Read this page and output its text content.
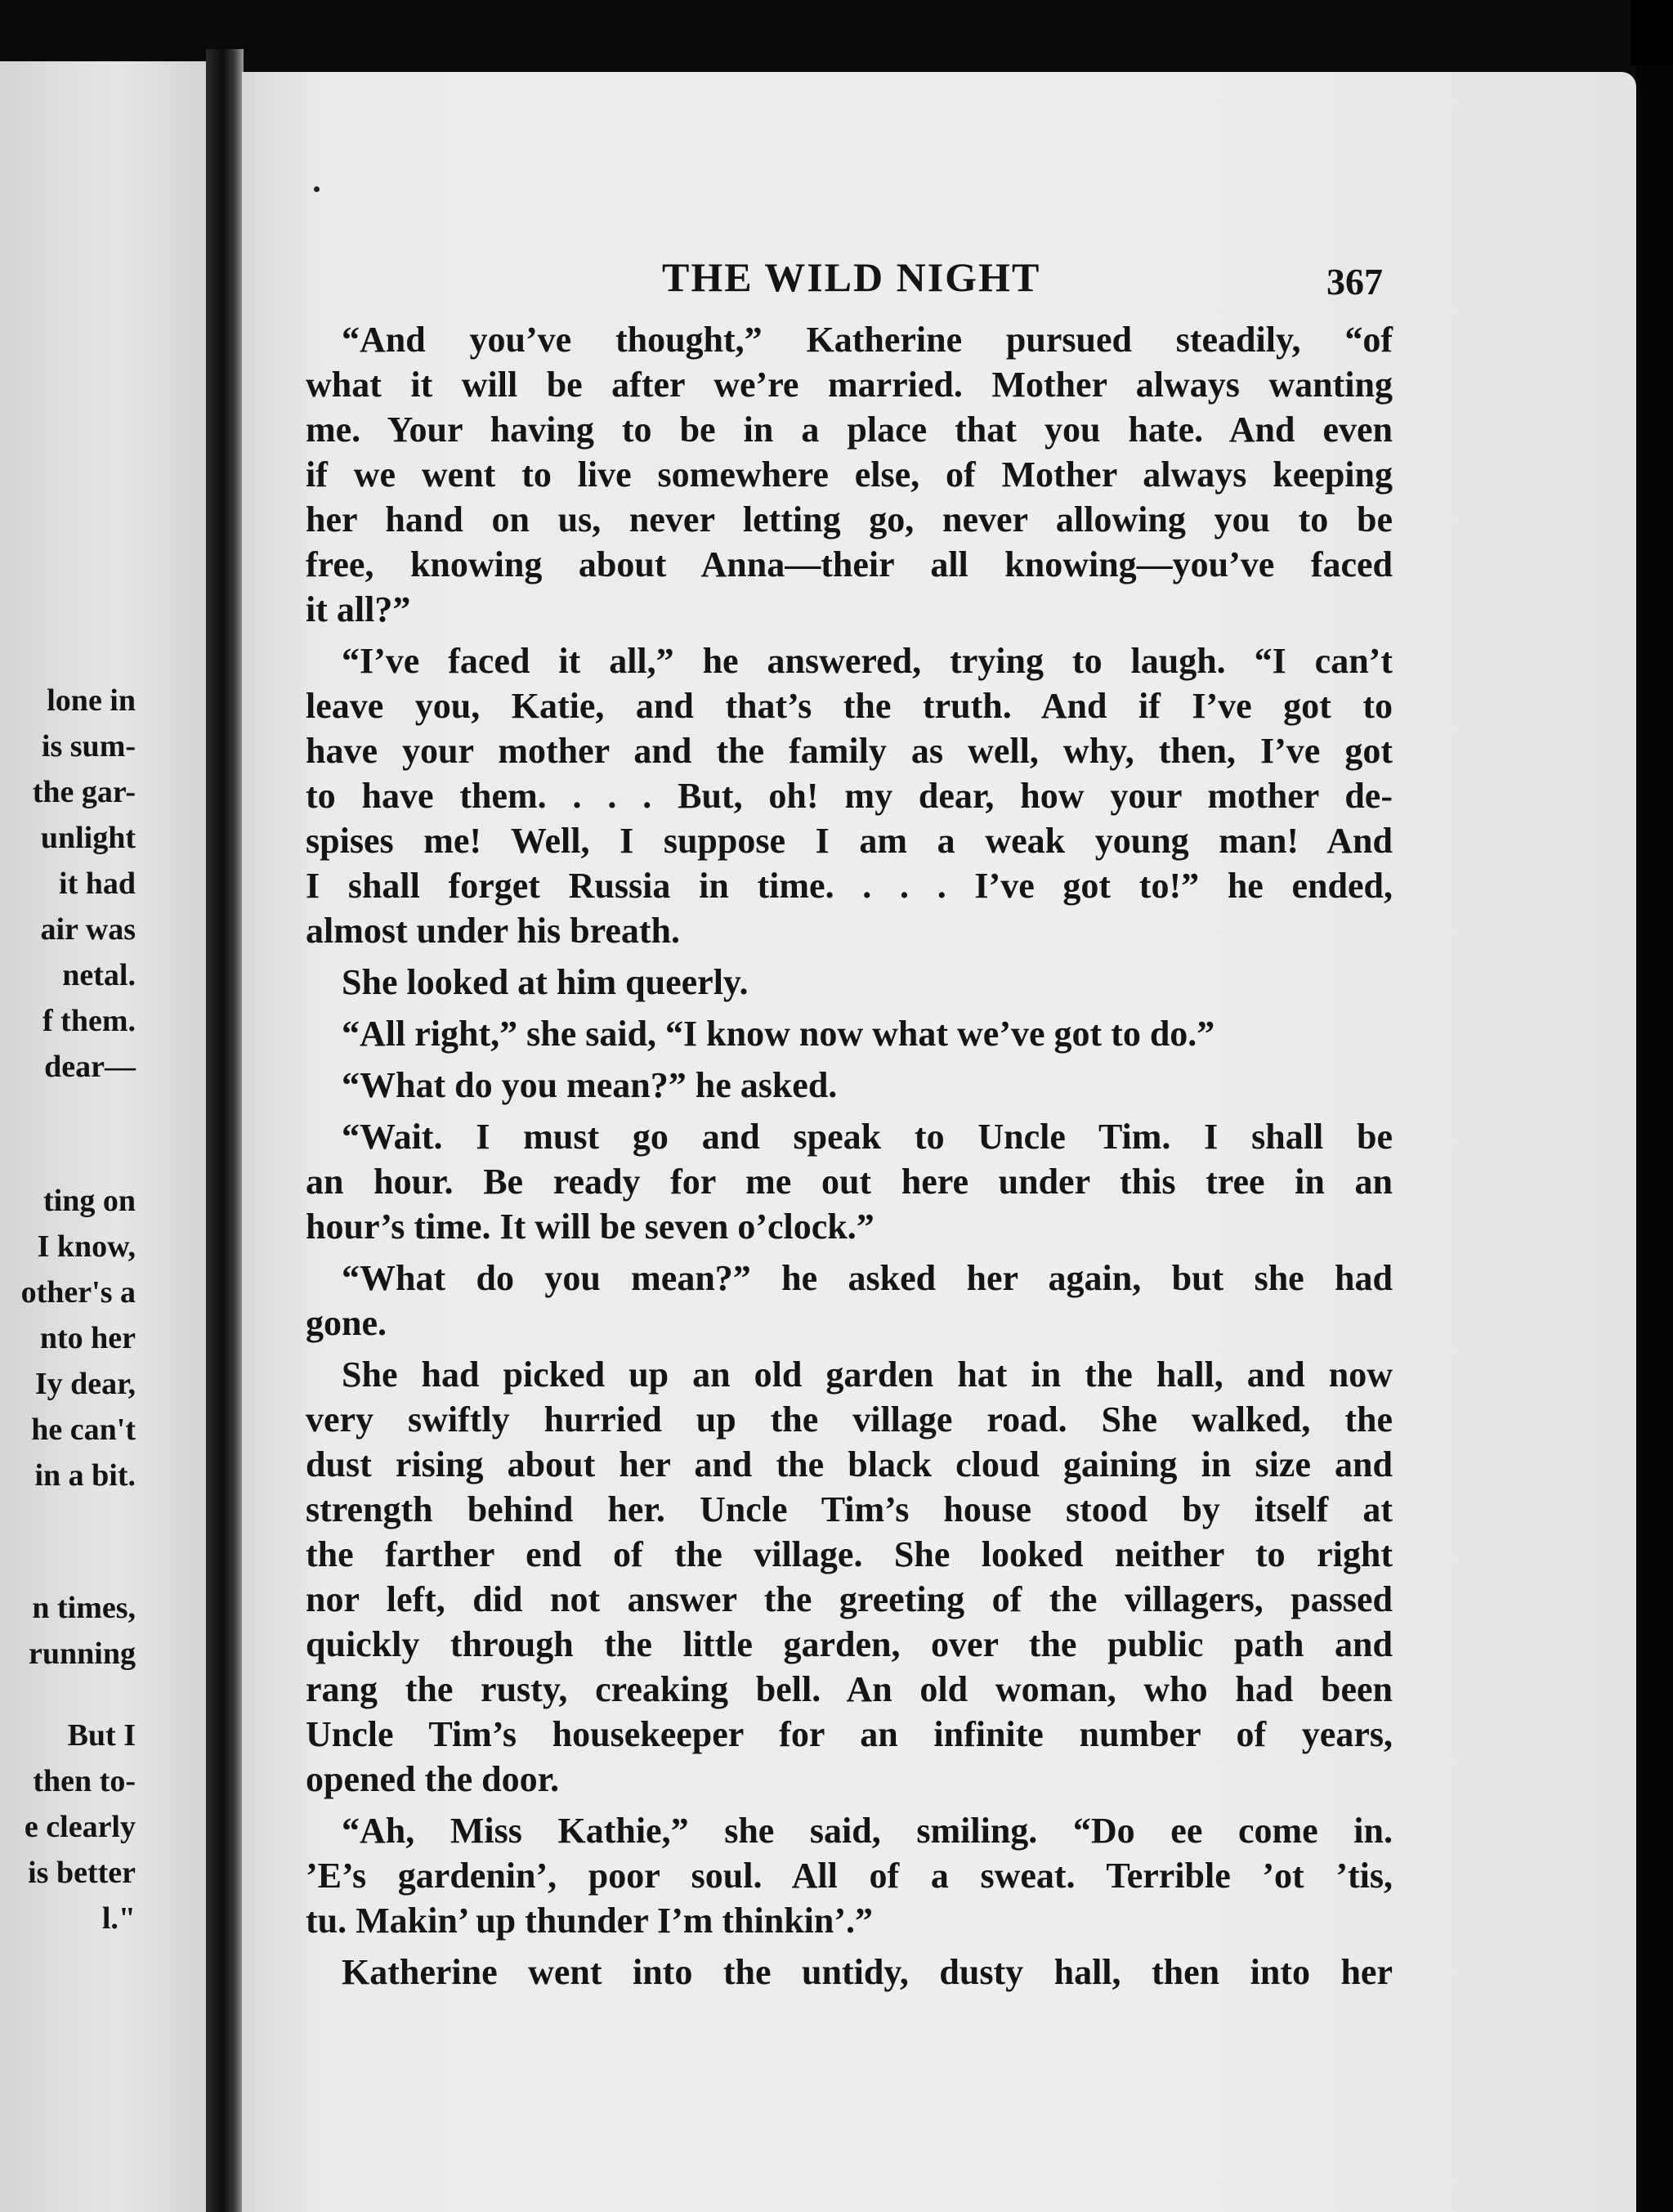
lone in
is sum-
the gar-
unlight
it had
air was
netal.
f them.
dear—
ting on
I know,
other's a
nto her
Iy dear,
he can't
in a bit.
n times,
running
But I
then to-
e clearly
is better
l."
THE WILD NIGHT	367
“And you’ve thought,” Katherine pursued steadily, “of
what it will be after we’re married. Mother always wanting
me. Your having to be in a place that you hate. And even
if we went to live somewhere else, of Mother always keeping
her hand on us, never letting go, never allowing you to be
free, knowing about Anna—their all knowing—you’ve faced
it all?”
“I’ve faced it all,” he answered, trying to laugh. “I can’t
leave you, Katie, and that’s the truth. And if I’ve got to
have your mother and the family as well, why, then, I’ve got
to have them. . . . But, oh! my dear, how your mother de-
spises me! Well, I suppose I am a weak young man! And
I shall forget Russia in time. . . . I’ve got to!” he ended,
almost under his breath.
She looked at him queerly.
“All right,” she said, “I know now what we’ve got to do.”
“What do you mean?” he asked.
“Wait. I must go and speak to Uncle Tim. I shall be
an hour. Be ready for me out here under this tree in an
hour’s time. It will be seven o’clock.”
“What do you mean?” he asked her again, but she had
gone.
She had picked up an old garden hat in the hall, and now
very swiftly hurried up the village road. She walked, the
dust rising about her and the black cloud gaining in size and
strength behind her. Uncle Tim’s house stood by itself at
the farther end of the village. She looked neither to right
nor left, did not answer the greeting of the villagers, passed
quickly through the little garden, over the public path and
rang the rusty, creaking bell. An old woman, who had been
Uncle Tim’s housekeeper for an infinite number of years,
opened the door.
“Ah, Miss Kathie,” she said, smiling. “Do ee come in.
’E’s gardenin’, poor soul. All of a sweat. Terrible ’ot ’tis,
tu. Makin’ up thunder I’m thinkin’.”
Katherine went into the untidy, dusty hall, then into her
